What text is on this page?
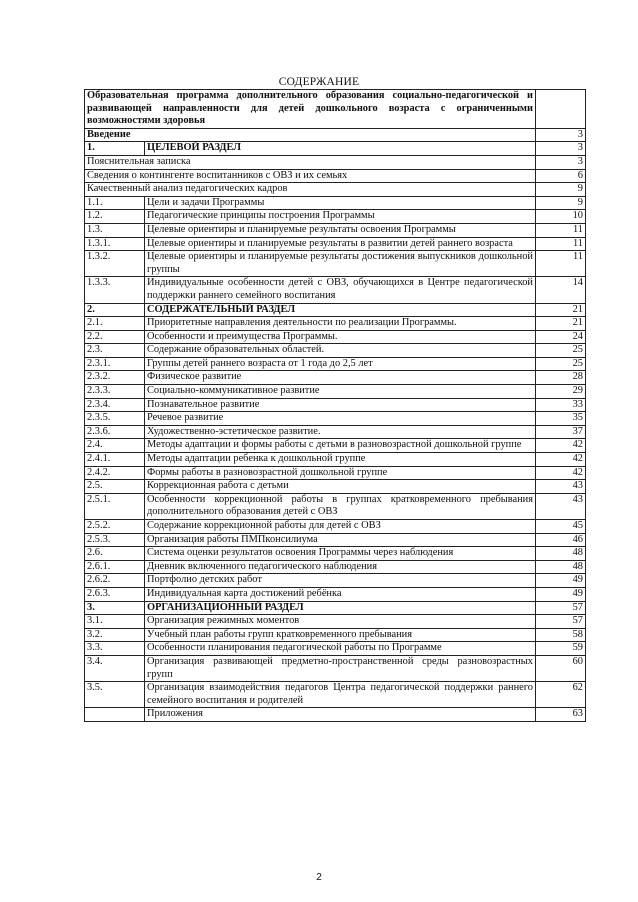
СОДЕРЖАНИЕ
Образовательная программа дополнительного образования социально-педагогической и развивающей направленности для детей дошкольного возраста с ограниченными возможностями здоровья		
Введение		3
1.	ЦЕЛЕВОЙ РАЗДЕЛ	3
Пояснительная записка		3
Сведения о контингенте воспитанников с ОВЗ и их семьях		6
Качественный анализ педагогических кадров		9
1.1.	Цели и задачи Программы	9
1.2.	Педагогические принципы построения Программы	10
1.3.	Целевые ориентиры и планируемые результаты освоения Программы	11
1.3.1.	Целевые ориентиры и планируемые результаты в развитии детей раннего возраста	11
1.3.2.	Целевые ориентиры и планируемые результаты достижения выпускников дошкольной группы	11
1.3.3.	Индивидуальные особенности детей с ОВЗ, обучающихся в Центре педагогической поддержки раннего семейного воспитания	14
2.	СОДЕРЖАТЕЛЬНЫЙ РАЗДЕЛ	21
2.1.	Приоритетные направления деятельности по реализации Программы.	21
2.2.	Особенности и преимущества Программы.	24
2.3.	Содержание образовательных областей.	25
2.3.1.	Группы детей раннего возраста от 1 года до 2,5 лет	25
2.3.2.	Физическое развитие	28
2.3.3.	Социально-коммуникативное развитие	29
2.3.4.	Познавательное развитие	33
2.3.5.	Речевое развитие	35
2.3.6.	Художественно-эстетическое развитие.	37
2.4.	Методы адаптации и формы работы с детьми в разновозрастной дошкольной группе	42
2.4.1.	Методы адаптации ребенка к дошкольной группе	42
2.4.2.	Формы работы в разновозрастной дошкольной группе	42
2.5.	Коррекционная работа с детьми	43
2.5.1.	Особенности коррекционной работы в группах кратковременного пребывания дополнительного образования детей с ОВЗ	43
2.5.2.	Содержание коррекционной работы для детей с ОВЗ	45
2.5.3.	Организация работы ПМПконсилиума	46
2.6.	Система оценки результатов освоения Программы через наблюдения	48
2.6.1.	Дневник включенного педагогического наблюдения	48
2.6.2.	Портфолио детских работ	49
2.6.3.	Индивидуальная карта достижений ребёнка	49
3.	ОРГАНИЗАЦИОННЫЙ РАЗДЕЛ	57
3.1.	Организация режимных моментов	57
3.2.	Учебный план работы групп кратковременного пребывания	58
3.3.	Особенности планирования педагогической работы по Программе	59
3.4.	Организация развивающей предметно-пространственной среды разновозрастных групп	60
3.5.	Организация взаимодействия педагогов Центра педагогической поддержки раннего семейного воспитания и родителей	62
	Приложения	63
2
